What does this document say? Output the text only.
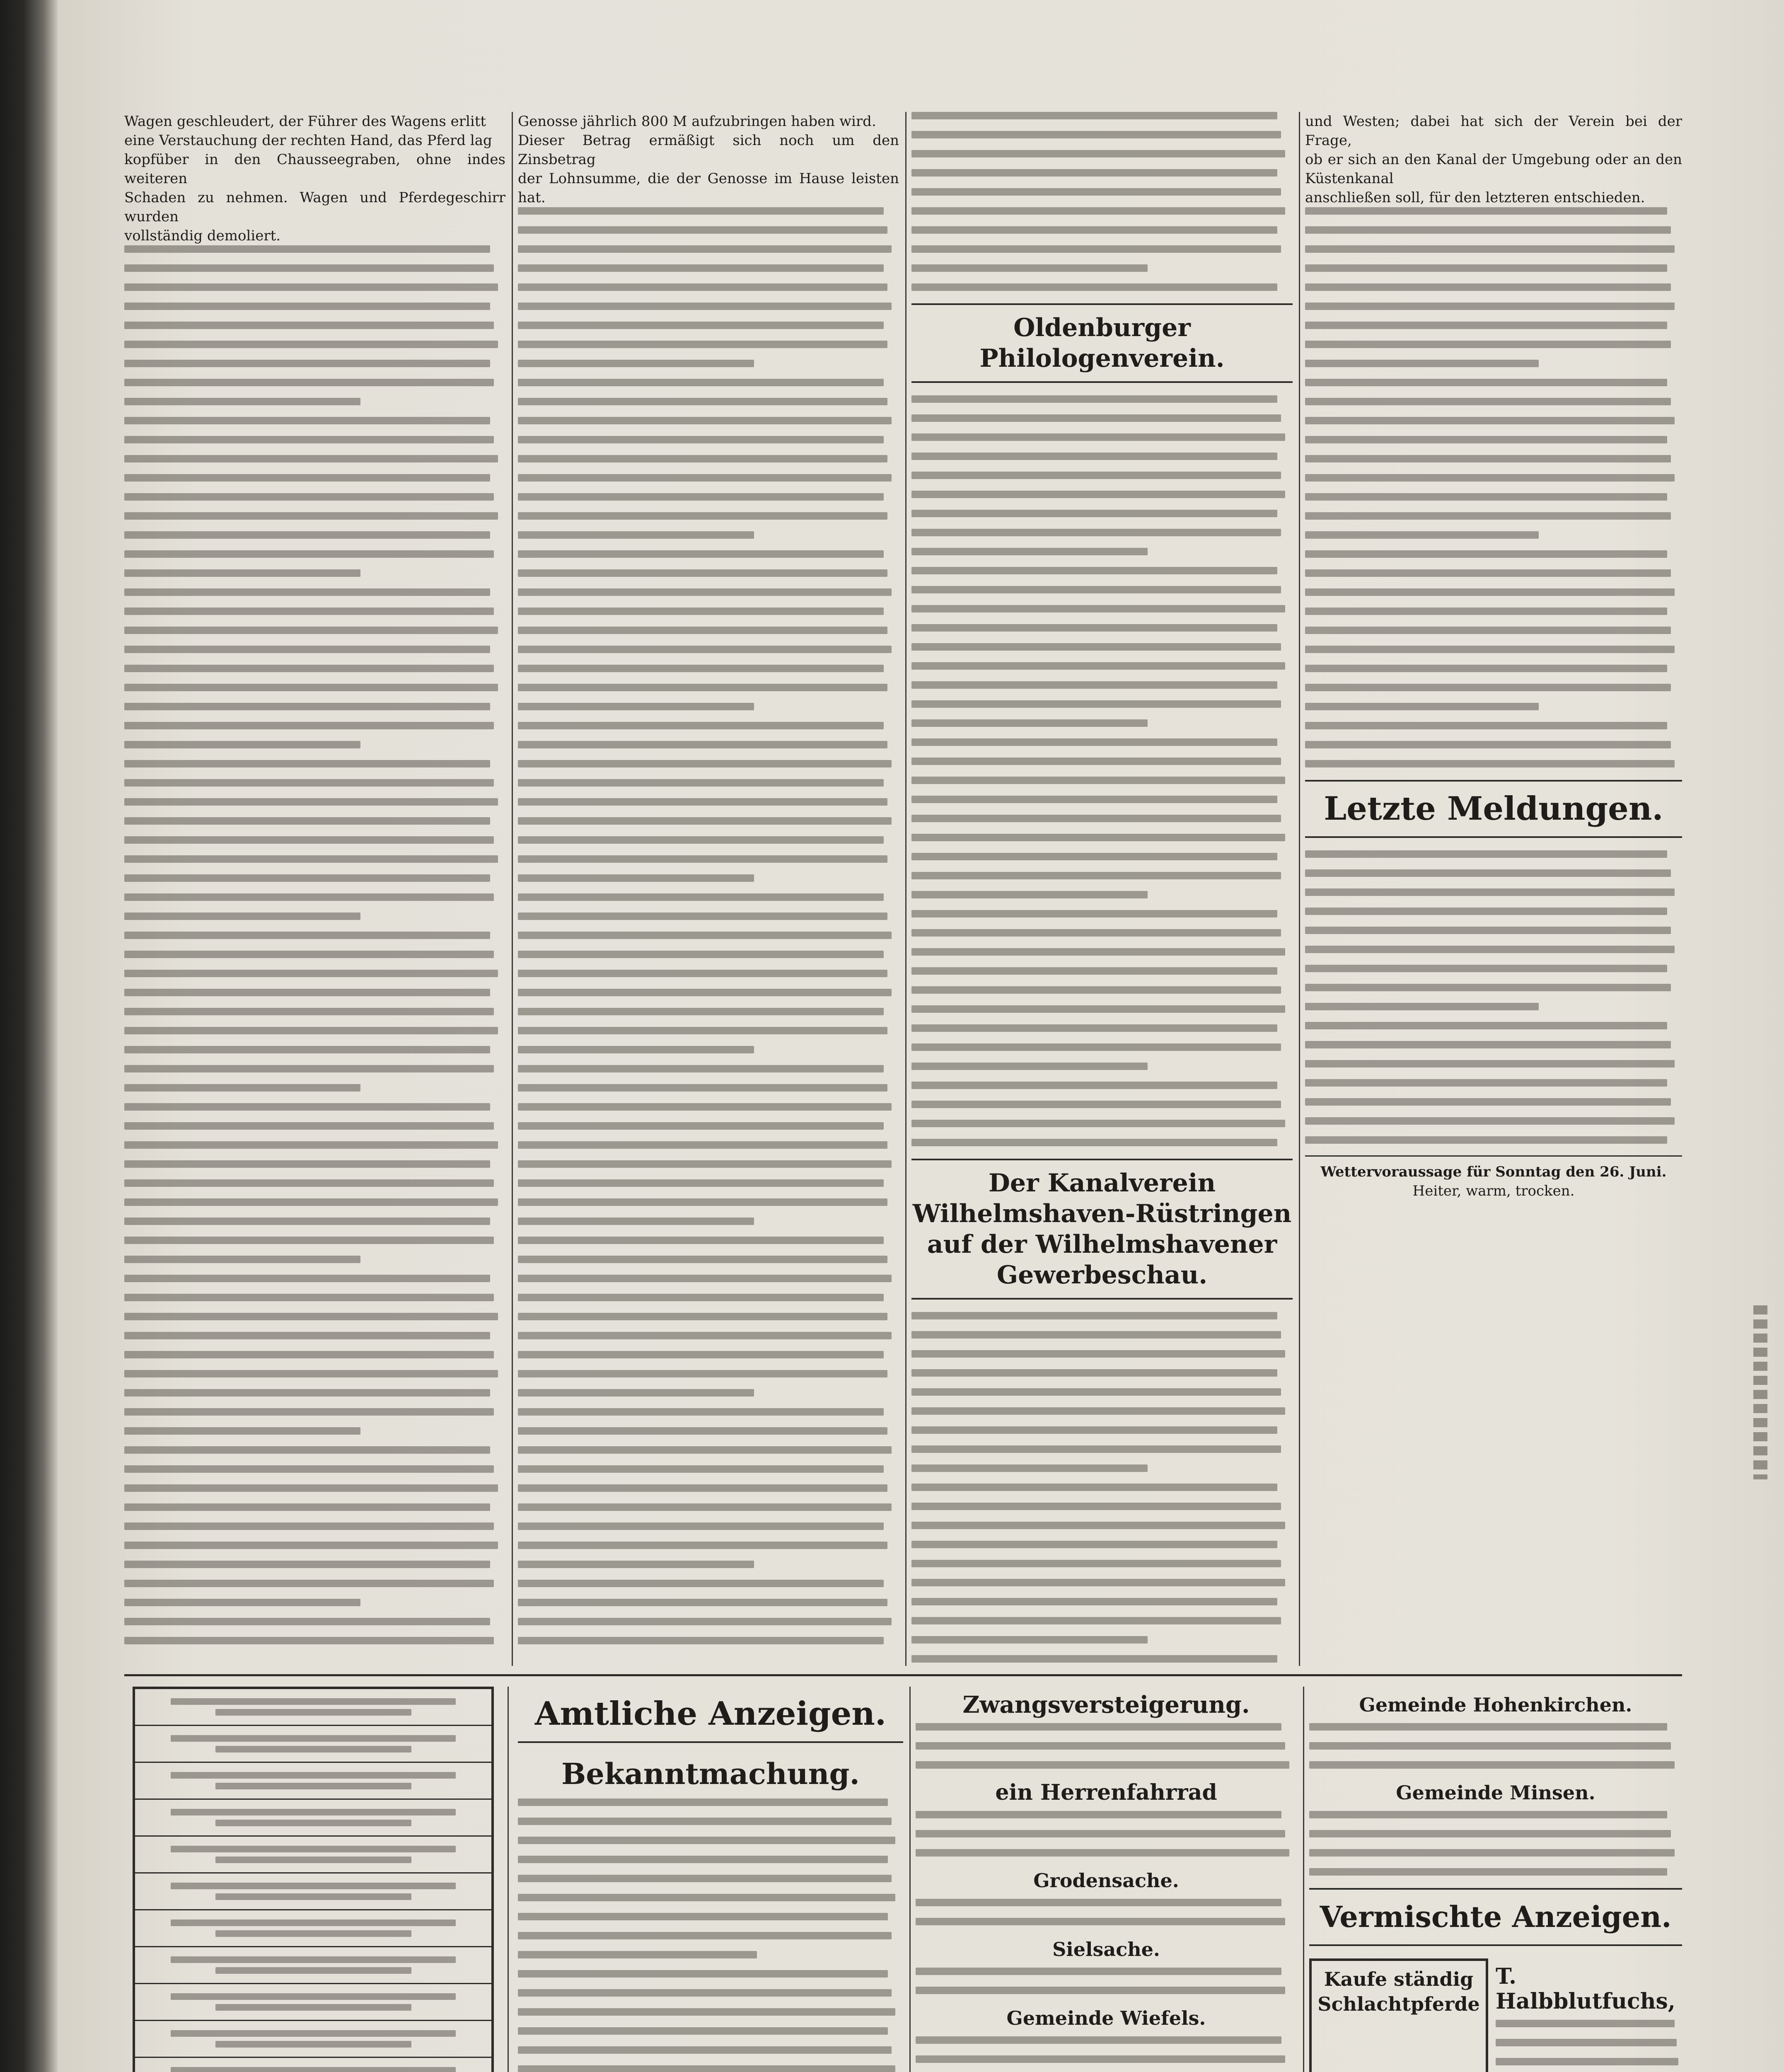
Wagen geschleudert, der Führer des Wagens erlitt

eine Verstauchung der rechten Hand, das Pferd lag

kopfüber in den Chausseegraben, ohne indes weiteren

Schaden zu nehmen. Wagen und Pferdegeschirr wurden

vollständig demoliert.

Genosse jährlich 800 M aufzubringen haben wird.

Dieser Betrag ermäßigt sich noch um den Zinsbetrag

der Lohnsumme, die der Genosse im Hause leisten hat.

Oldenburger Philologenverein.
Der Kanalverein Wilhelmshaven-Rüstringen auf der Wilhelmshavener Gewerbeschau.

und Westen; dabei hat sich der Verein bei der Frage,

ob er sich an den Kanal der Umgebung oder an den Küstenkanal

anschließen soll, für den letzteren entschieden.

Letzte Meldungen.

Wettervoraussage für Sonntag den 26. Juni.

Heiter, warm, trocken.

Amtliche Anzeigen.
Bekanntmachung.
Zwangsversteigerung.
ein Herrenfahrrad
Grodensache.
Sielsache.
Gemeinde Wiefels.
Gemeinde Hohenkirchen.
Gemeinde Minsen.
Vermischte Anzeigen.
Kaufe ständig Schlachtpferde
T. Halbblutfuchs,
